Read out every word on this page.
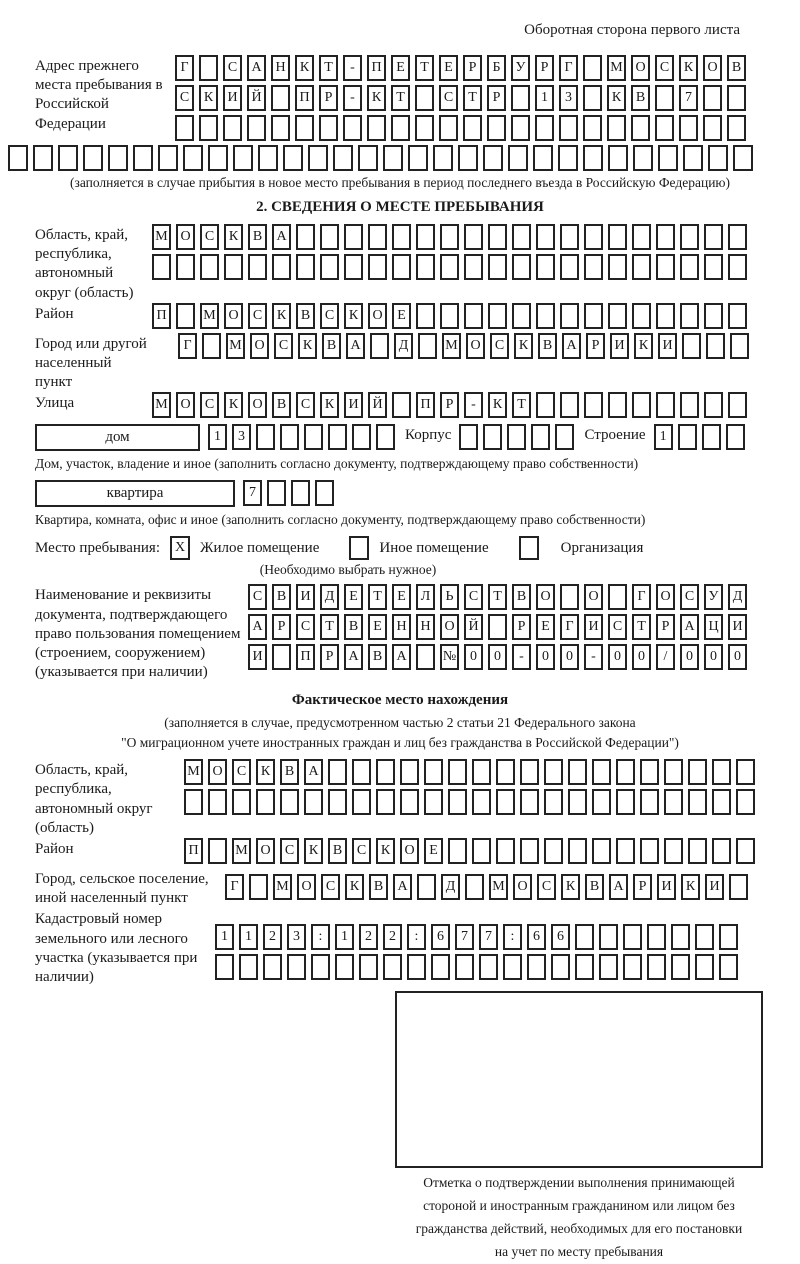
Оборотная сторона первого листа
Адрес прежнего места пребывания в Российской Федерации
Г	С	А Н	К	Т	-	П	Е	Т	Е	Р	Б	У	Р	Г	М О	С	К	О	В
С	К	И Й	П	Р	-	К	Т	С	Т	Р	1	3	К	В	7
(заполняется в случае прибытия в новое место пребывания в период последнего въезда в Российскую Федерацию)
2. СВЕДЕНИЯ О МЕСТЕ ПРЕБЫВАНИЯ
Область, край, республика, автономный округ (область)
М О	С	К	В	А
Район	П	М О	С	К	В	С	К	О	Е
Город или другой населенный пункт
Г	М О	С	К	В	А	Д	М О	С	К	В	А	Р	И	К	И
Улица	М О	С	К	О	В	С	К	И Й	П	Р	-	К	Т
дом	1	3	Корпус	Строение	1
Дом, участок, владение и иное (заполнить согласно документу, подтверждающему право собственности)
квартира	7
Квартира, комната, офис и иное (заполнить согласно документу, подтверждающему право собственности)
Место пребывания:	X Жилое помещение	Иное помещение	Организация
(Необходимо выбрать нужное)
Наименование и реквизиты документа, подтверждающего право пользования помещением (строением, сооружением) (указывается при наличии)
С	В	И	Д	Е	Т	Е	Л	Ь	С	Т	В	О	О	Г	О	С	У	Д
А	Р	С	Т	В	Е	Н Н О Й	Р	Е	Г	И	С	Т	Р	А Ц И
И	П	Р	А	В	А	№ 0	0	-	0	0	-	0	0	/	0	0	0
Фактическое место нахождения
(заполняется в случае, предусмотренном частью 2 статьи 21 Федерального закона
"О миграционном учете иностранных граждан и лиц без гражданства в Российской Федерации")
Область, край, республика, автономный округ (область)
М О	С	К	В	А
Район	П	М О	С	К	В	С	К	О	Е
Город, сельское поселение, иной населенный пункт
Г	М О	С	К	В	А	Д	М О	С	К	В	А	Р	И	К	И
Кадастровый номер земельного или лесного участка (указывается при наличии)
1	1	2	3	:	1	2	2	:	6	7	7	:	6	6
Отметка о подтверждении выполнения принимающей
стороной и иностранным гражданином или лицом без
гражданства действий, необходимых для его постановки
на учет по месту пребывания
